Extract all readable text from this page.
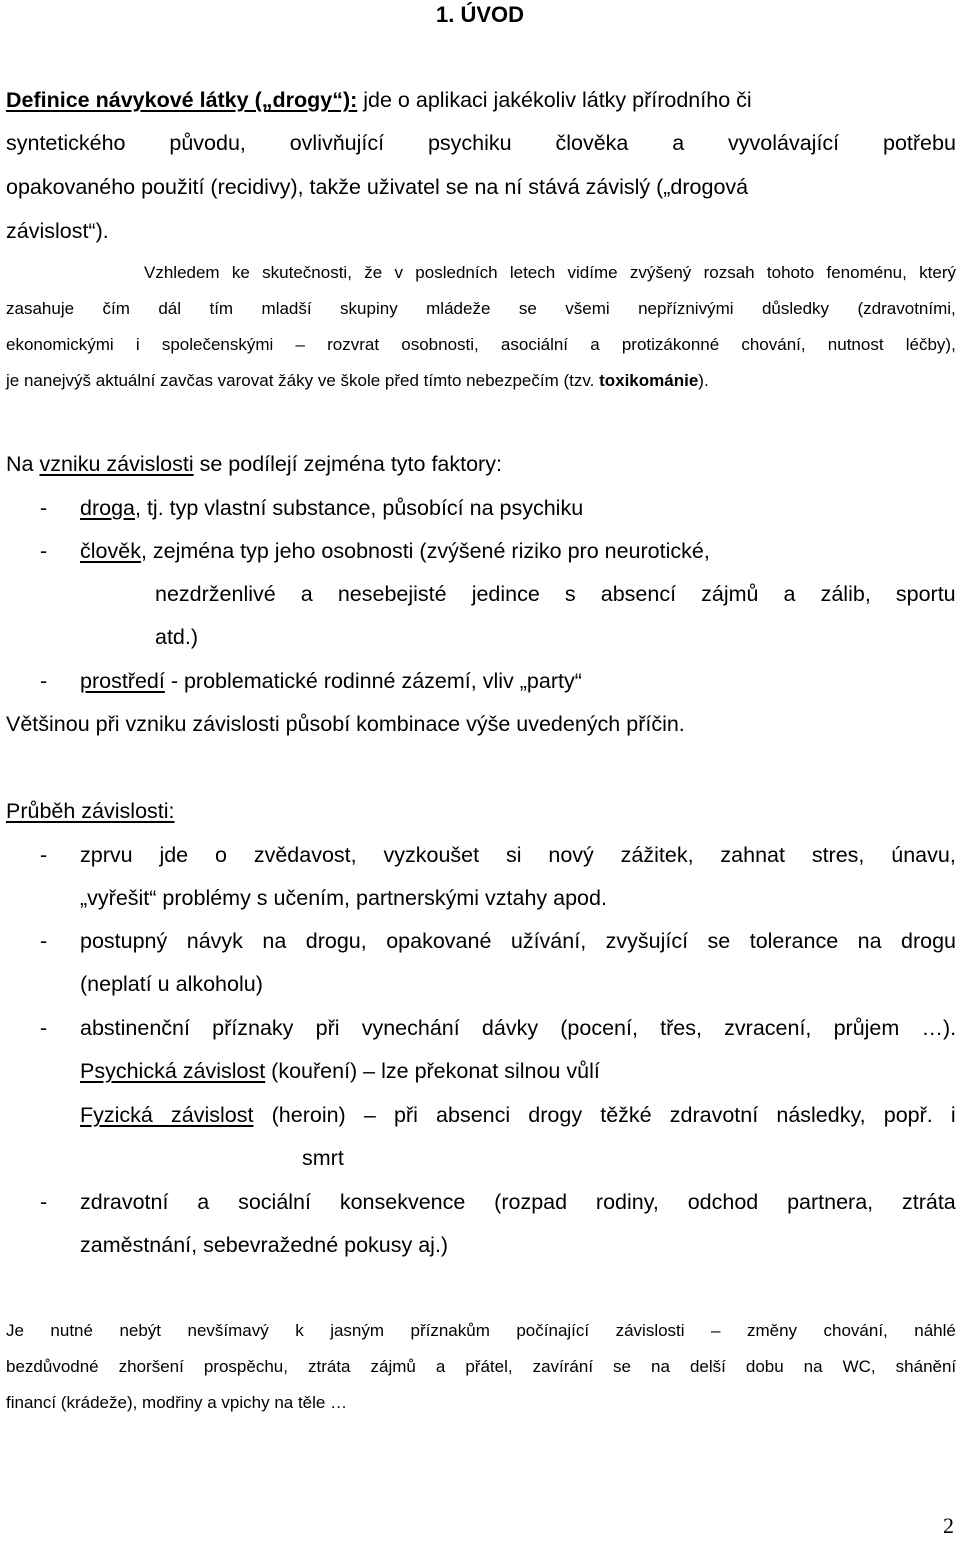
1. ÚVOD
Definice návykové látky („drogy“): jde o aplikaci jakékoliv látky přírodního či
syntetického původu, ovlivňující psychiku člověka a vyvolávající potřebu
opakovaného použití (recidivy), takže uživatel se na ní stává závislý („drogová
závislost“).
Vzhledem ke skutečnosti, že v posledních letech vidíme zvýšený rozsah tohoto fenoménu, který
zasahuje čím dál tím mladší skupiny mládeže se všemi nepříznivými důsledky (zdravotními,
ekonomickými i společenskými – rozvrat osobnosti, asociální a protizákonné chování, nutnost léčby),
je nanejvýš aktuální zavčas varovat žáky ve škole před tímto nebezpečím (tzv. toxikománie).
Na vzniku závislosti se podílejí zejména tyto faktory:
- droga, tj. typ vlastní substance, působící na psychiku
- člověk, zejména typ jeho osobnosti (zvýšené riziko pro neurotické,
nezdrženlivé a nesebejisté jedince s absencí zájmů a zálib, sportu
atd.)
- prostředí - problematické rodinné zázemí, vliv „party“
Většinou při vzniku závislosti působí kombinace výše uvedených příčin.
Průběh závislosti:
- zprvu jde o zvědavost, vyzkoušet si nový zážitek, zahnat stres, únavu,
„vyřešit“ problémy s učením, partnerskými vztahy apod.
- postupný návyk na drogu, opakované užívání, zvyšující se tolerance na drogu
(neplatí u alkoholu)
- abstinenční příznaky při vynechání dávky (pocení, třes, zvracení, průjem …).
Psychická závislost (kouření) – lze překonat silnou vůlí
Fyzická závislost (heroin) – při absenci drogy těžké zdravotní následky, popř. i
smrt
- zdravotní a sociální konsekvence (rozpad rodiny, odchod partnera, ztráta
zaměstnání, sebevražedné pokusy aj.)
Je nutné nebýt nevšímavý k jasným příznakům počínající závislosti – změny chování, náhlé
bezdůvodné zhoršení prospěchu, ztráta zájmů a přátel, zavírání se na delší dobu na WC, shánění
financí (krádeže), modřiny a vpichy na těle …
2
